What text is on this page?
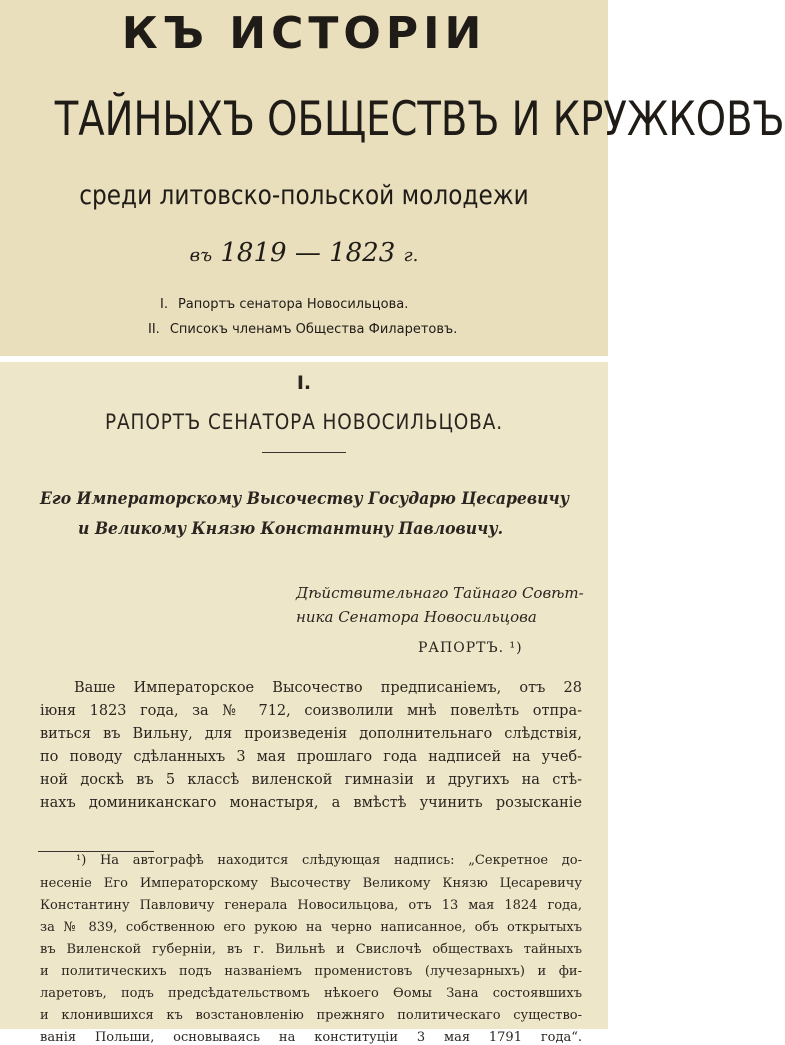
КЪ ИСТОРІИ
ТАЙНЫХЪ ОБЩЕСТВЪ И КРУЖКОВЪ
среди литовско-польской молодежи
въ 1819 — 1823 г.
I. Рапортъ сенатора Новосильцова.
II. Списокъ членамъ Общества Филаретовъ.
I.
РАПОРТЪ СЕНАТОРА НОВОСИЛЬЦОВА.
Его Императорскому Высочеству Государю Цесаревичу
и Великому Князю Константину Павловичу.
Дѣйствительнаго Тайнаго Совѣт-
ника Сенатора Новосильцова
РАПОРТЪ. ¹)
Ваше Императорское Высочество предписаніемъ, отъ 28
іюня 1823 года, за № 712, соизволили мнѣ повелѣть отпра-
виться въ Вильну, для произведенія дополнительнаго слѣдствія,
по поводу сдѣланныхъ 3 мая прошлаго года надписей на учеб-
ной доскѣ въ 5 классѣ виленской гимназіи и другихъ на стѣ-
нахъ доминиканскаго монастыря, а вмѣстѣ учинить розысканіе
¹) На автографѣ находится слѣдующая надпись: „Секретное до-
несеніе Его Императорскому Высочеству Великому Князю Цесаревичу
Константину Павловичу генерала Новосильцова, отъ 13 мая 1824 года,
за № 839, собственною его рукою на черно написанное, объ открытыхъ
въ Виленской губерніи, въ г. Вильнѣ и Свислочѣ обществахъ тайныхъ
и политическихъ подъ названіемъ променистовъ (лучезарныхъ) и фи-
ларетовъ, подъ предсѣдательствомъ нѣкоего Ѳомы Зана состоявшихъ
и клонившихся къ возстановленію прежняго политическаго существо-
ванія Польши, основываясь на конституціи 3 мая 1791 года“.
